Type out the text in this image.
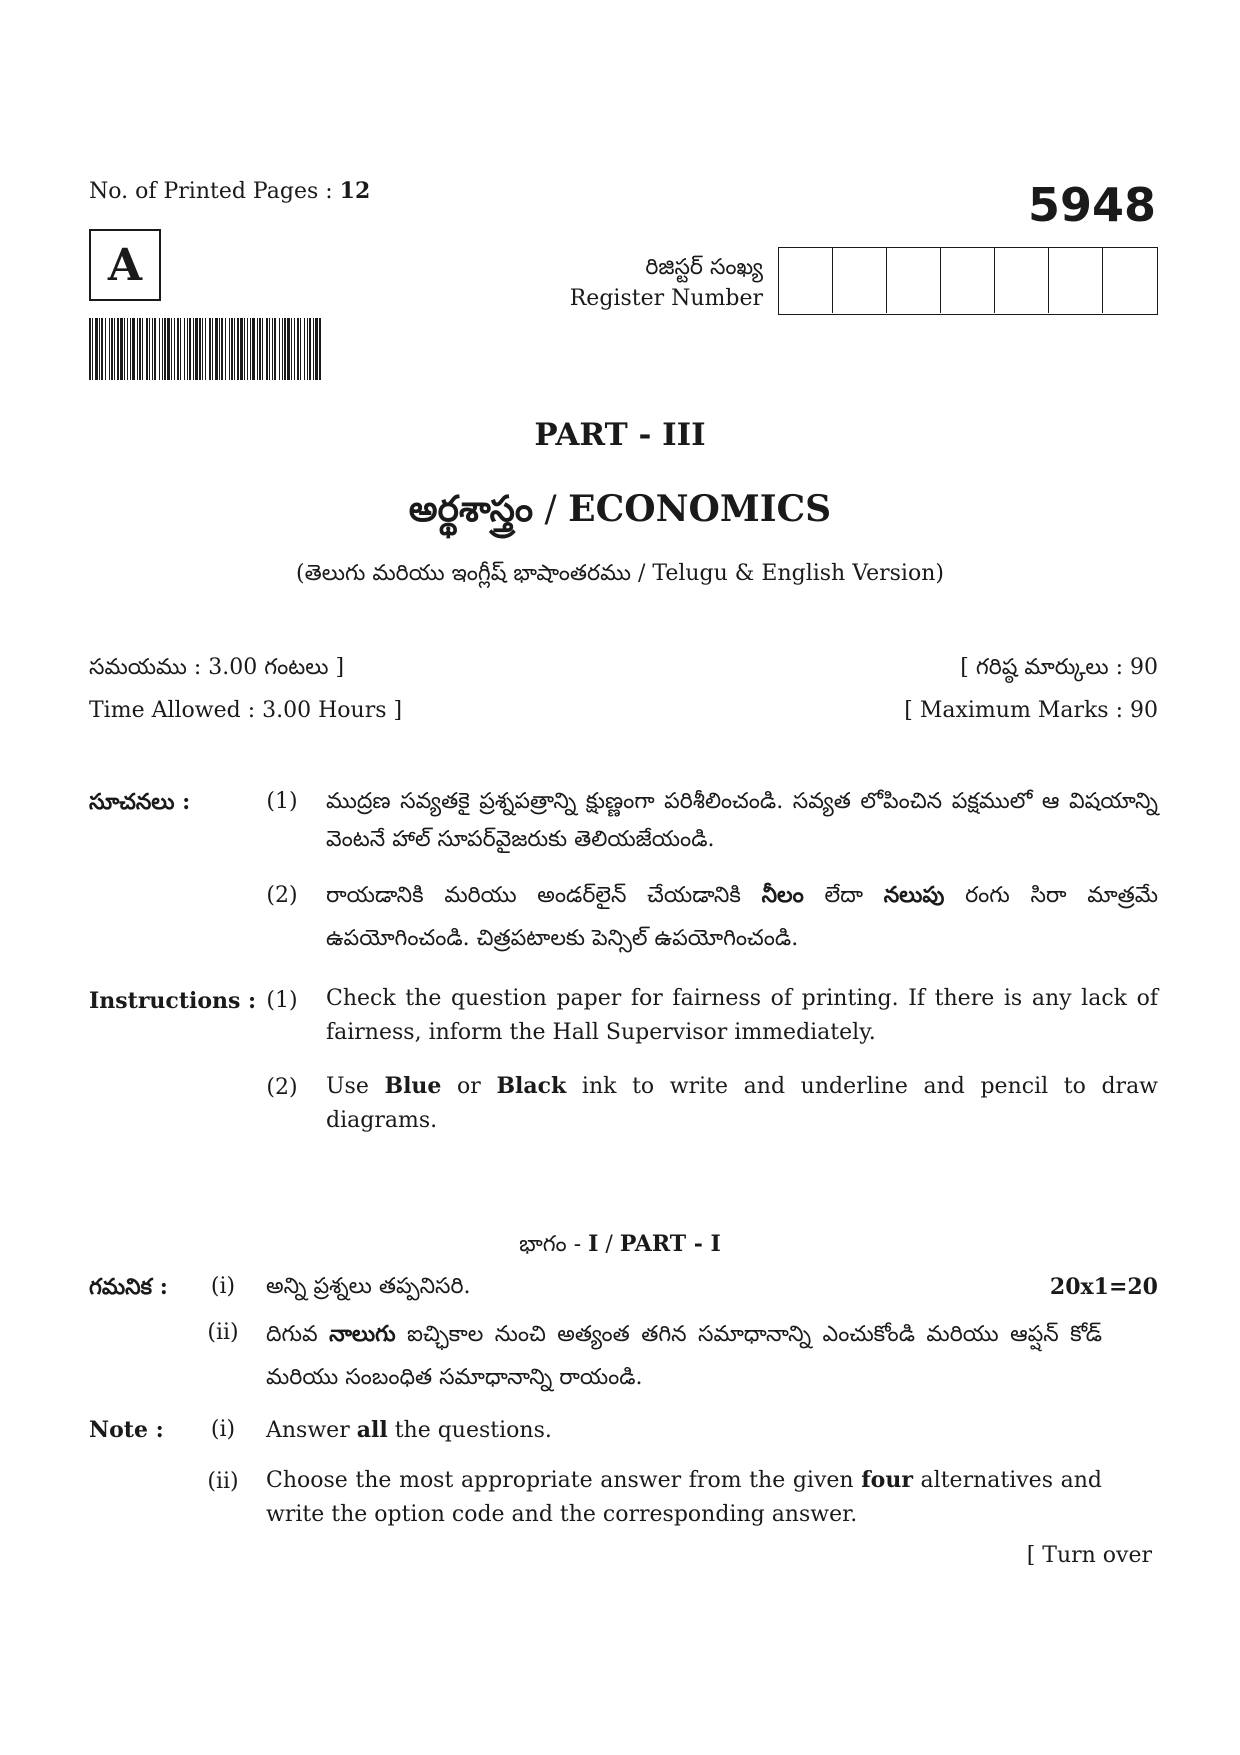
No. of Printed Pages : 12	5948
A	రిజిస్టర్ సంఖ్య
Register Number
PART - III
అర్థశాస్త్రం / ECONOMICS
(తెలుగు మరియు ఇంగ్లీష్ భాషాంతరము / Telugu & English Version)
సమయము : 3.00 గంటలు ]	[ గరిష్ఠ మార్కులు : 90
Time Allowed : 3.00 Hours ]	[ Maximum Marks : 90
సూచనలు :	(1)	ముద్రణ సవ్యతకై ప్రశ్నపత్రాన్ని క్షుణ్ణంగా పరిశీలించండి. సవ్యత లోపించిన పక్షములో ఆ విషయాన్ని వెంటనే హాల్ సూపర్‌వైజరుకు తెలియజేయండి.
(2)	రాయడానికి మరియు అండర్‌లైన్ చేయడానికి నీలం లేదా నలుపు రంగు సిరా మాత్రమే ఉపయోగించండి. చిత్రపటాలకు పెన్సిల్ ఉపయోగించండి.
Instructions : (1)	Check the question paper for fairness of printing. If there is any lack of fairness, inform the Hall Supervisor immediately.
(2)	Use Blue or Black ink to write and underline and pencil to draw diagrams.
భాగం - I / PART - I
20x1=20
గమనిక :	(i)	అన్ని ప్రశ్నలు తప్పనిసరి.
(ii)	దిగువ నాలుగు ఐచ్ఛికాల నుంచి అత్యంత తగిన సమాధానాన్ని ఎంచుకోండి మరియు ఆప్షన్ కోడ్ మరియు సంబంధిత సమాధానాన్ని రాయండి.
Note :	(i)	Answer all the questions.
(ii)	Choose the most appropriate answer from the given four alternatives and write the option code and the corresponding answer.
[ Turn over
